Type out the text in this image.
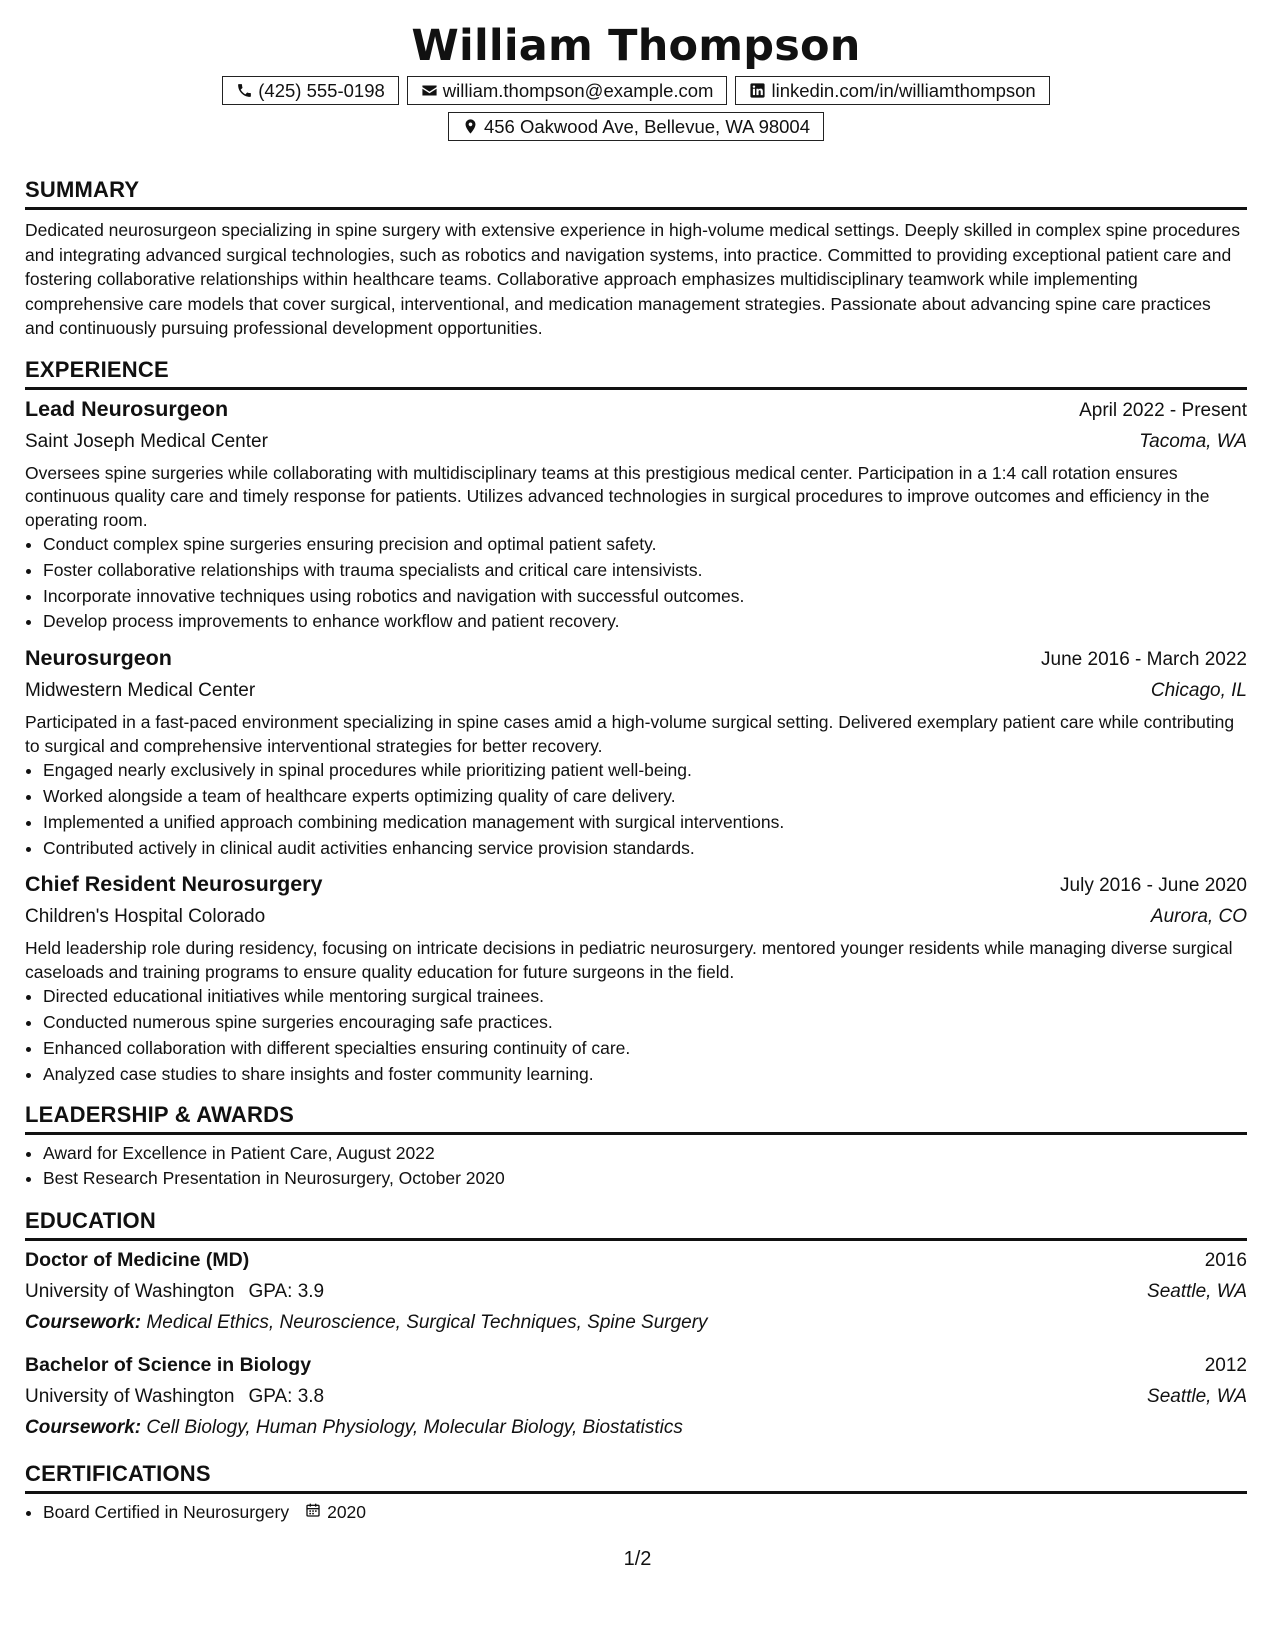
William Thompson
(425) 555-0198	william.thompson@example.com	linkedin.com/in/williamthompson
456 Oakwood Ave, Bellevue, WA 98004
SUMMARY
Dedicated neurosurgeon specializing in spine surgery with extensive experience in high-volume medical settings. Deeply skilled in complex spine procedures and integrating advanced surgical technologies, such as robotics and navigation systems, into practice. Committed to providing exceptional patient care and fostering collaborative relationships within healthcare teams. Collaborative approach emphasizes multidisciplinary teamwork while implementing comprehensive care models that cover surgical, interventional, and medication management strategies. Passionate about advancing spine care practices and continuously pursuing professional development opportunities.
EXPERIENCE
Lead Neurosurgeon	April 2022 - Present
Saint Joseph Medical Center	Tacoma, WA
Oversees spine surgeries while collaborating with multidisciplinary teams at this prestigious medical center. Participation in a 1:4 call rotation ensures continuous quality care and timely response for patients. Utilizes advanced technologies in surgical procedures to improve outcomes and efficiency in the operating room.
• Conduct complex spine surgeries ensuring precision and optimal patient safety.
• Foster collaborative relationships with trauma specialists and critical care intensivists.
• Incorporate innovative techniques using robotics and navigation with successful outcomes.
• Develop process improvements to enhance workflow and patient recovery.
Neurosurgeon	June 2016 - March 2022
Midwestern Medical Center	Chicago, IL
Participated in a fast-paced environment specializing in spine cases amid a high-volume surgical setting. Delivered exemplary patient care while contributing to surgical and comprehensive interventional strategies for better recovery.
• Engaged nearly exclusively in spinal procedures while prioritizing patient well-being.
• Worked alongside a team of healthcare experts optimizing quality of care delivery.
• Implemented a unified approach combining medication management with surgical interventions.
• Contributed actively in clinical audit activities enhancing service provision standards.
Chief Resident Neurosurgery	July 2016 - June 2020
Children's Hospital Colorado	Aurora, CO
Held leadership role during residency, focusing on intricate decisions in pediatric neurosurgery. mentored younger residents while managing diverse surgical caseloads and training programs to ensure quality education for future surgeons in the field.
• Directed educational initiatives while mentoring surgical trainees.
• Conducted numerous spine surgeries encouraging safe practices.
• Enhanced collaboration with different specialties ensuring continuity of care.
• Analyzed case studies to share insights and foster community learning.
LEADERSHIP & AWARDS
• Award for Excellence in Patient Care, August 2022
• Best Research Presentation in Neurosurgery, October 2020
EDUCATION
Doctor of Medicine (MD)	2016
University of Washington GPA: 3.9	Seattle, WA
Coursework: Medical Ethics, Neuroscience, Surgical Techniques, Spine Surgery
Bachelor of Science in Biology	2012
University of Washington GPA: 3.8	Seattle, WA
Coursework: Cell Biology, Human Physiology, Molecular Biology, Biostatistics
CERTIFICATIONS
• Board Certified in Neurosurgery 2020
1/2
